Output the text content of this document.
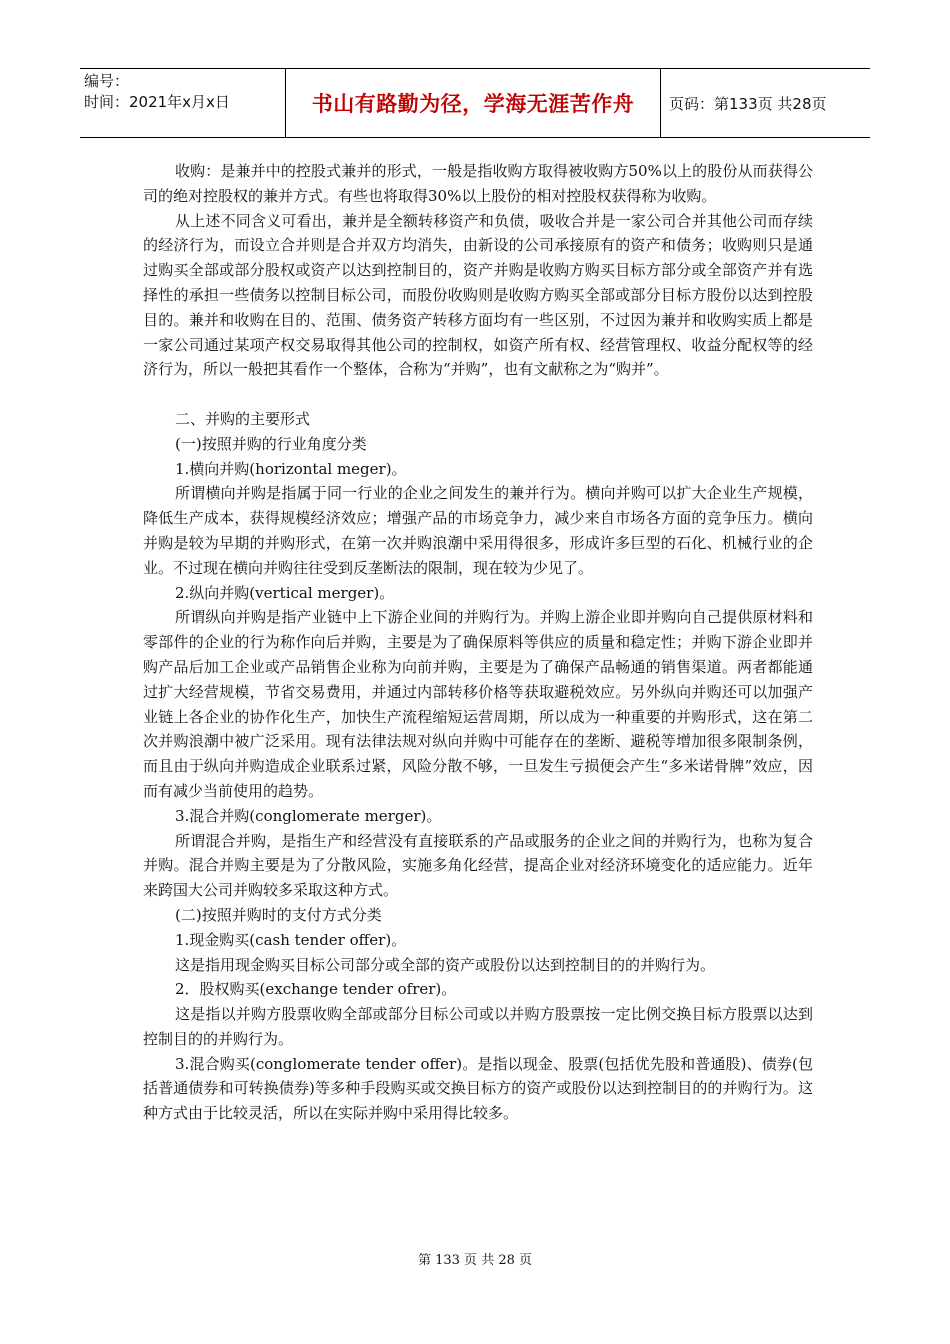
编号：
时间：2021年x月x日	书山有路勤为径，学海无涯苦作舟	页码：第133页 共28页

收购：是兼并中的控股式兼并的形式，一般是指收购方取得被收购方50%以上的股份从而获得公司的绝对控股权的兼并方式。有些也将取得30%以上股份的相对控股权获得称为收购。

从上述不同含义可看出，兼并是全额转移资产和负债，吸收合并是一家公司合并其他公司而存续的经济行为，而设立合并则是合并双方均消失，由新设的公司承接原有的资产和债务；收购则只是通过购买全部或部分股权或资产以达到控制目的，资产并购是收购方购买目标方部分或全部资产并有选择性的承担一些债务以控制目标公司，而股份收购则是收购方购买全部或部分目标方股份以达到控股目的。兼并和收购在目的、范围、债务资产转移方面均有一些区别，不过因为兼并和收购实质上都是一家公司通过某项产权交易取得其他公司的控制权，如资产所有权、经营管理权、收益分配权等的经济行为，所以一般把其看作一个整体，合称为“并购”，也有文献称之为“购并”。

二、并购的主要形式

(一)按照并购的行业角度分类

1.横向并购(horizontal meger)。

所谓横向并购是指属于同一行业的企业之间发生的兼并行为。横向并购可以扩大企业生产规模，降低生产成本，获得规模经济效应；增强产品的市场竞争力，减少来自市场各方面的竞争压力。横向并购是较为早期的并购形式，在第一次并购浪潮中采用得很多，形成许多巨型的石化、机械行业的企业。不过现在横向并购往往受到反垄断法的限制，现在较为少见了。

2.纵向并购(vertical merger)。

所谓纵向并购是指产业链中上下游企业间的并购行为。并购上游企业即并购向自己提供原材料和零部件的企业的行为称作向后并购，主要是为了确保原料等供应的质量和稳定性；并购下游企业即并购产品后加工企业或产品销售企业称为向前并购，主要是为了确保产品畅通的销售渠道。两者都能通过扩大经营规模，节省交易费用，并通过内部转移价格等获取避税效应。另外纵向并购还可以加强产业链上各企业的协作化生产，加快生产流程缩短运营周期，所以成为一种重要的并购形式，这在第二次并购浪潮中被广泛采用。现有法律法规对纵向并购中可能存在的垄断、避税等增加很多限制条例，而且由于纵向并购造成企业联系过紧，风险分散不够，一旦发生亏损便会产生“多米诺骨牌”效应，因而有减少当前使用的趋势。

3.混合并购(conglomerate merger)。

所谓混合并购，是指生产和经营没有直接联系的产品或服务的企业之间的并购行为，也称为复合并购。混合并购主要是为了分散风险，实施多角化经营，提高企业对经济环境变化的适应能力。近年来跨国大公司并购较多采取这种方式。

(二)按照并购时的支付方式分类

1.现金购买(cash tender offer)。

这是指用现金购买目标公司部分或全部的资产或股份以达到控制目的的并购行为。

2．股权购买(exchange tender ofrer)。

这是指以并购方股票收购全部或部分目标公司或以并购方股票按一定比例交换目标方股票以达到控制目的的并购行为。

3.混合购买(conglomerate tender offer)。是指以现金、股票(包括优先股和普通股)、债券(包括普通债券和可转换债券)等多种手段购买或交换目标方的资产或股份以达到控制目的的并购行为。这种方式由于比较灵活，所以在实际并购中采用得比较多。

第 133 页 共 28 页
